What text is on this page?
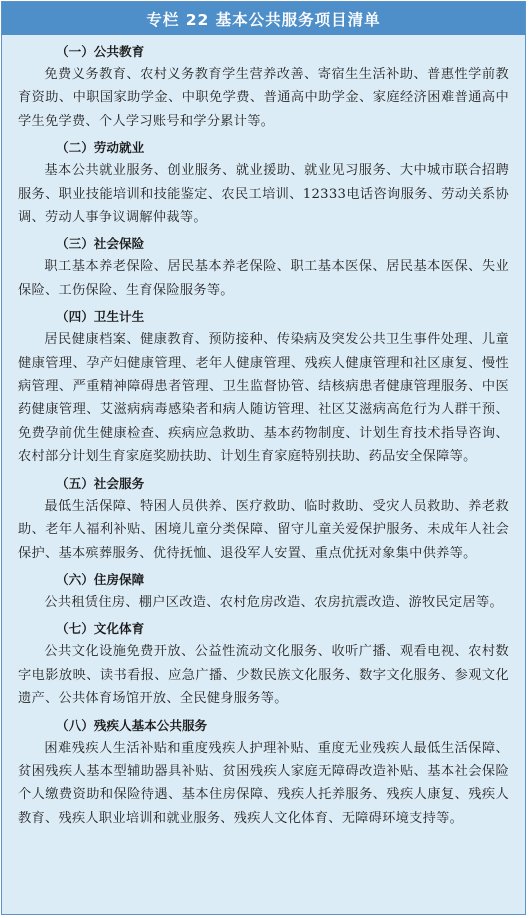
专栏 22 基本公共服务项目清单
（一）公共教育

免费义务教育、农村义务教育学生营养改善、寄宿生生活补助、普惠性学前教育资助、中职国家助学金、中职免学费、普通高中助学金、家庭经济困难普通高中学生免学费、个人学习账号和学分累计等。

（二）劳动就业

基本公共就业服务、创业服务、就业援助、就业见习服务、大中城市联合招聘服务、职业技能培训和技能鉴定、农民工培训、12333电话咨询服务、劳动关系协调、劳动人事争议调解仲裁等。

（三）社会保险

职工基本养老保险、居民基本养老保险、职工基本医保、居民基本医保、失业保险、工伤保险、生育保险服务等。

（四）卫生计生

居民健康档案、健康教育、预防接种、传染病及突发公共卫生事件处理、儿童健康管理、孕产妇健康管理、老年人健康管理、残疾人健康管理和社区康复、慢性病管理、严重精神障碍患者管理、卫生监督协管、结核病患者健康管理服务、中医药健康管理、艾滋病病毒感染者和病人随访管理、社区艾滋病高危行为人群干预、免费孕前优生健康检查、疾病应急救助、基本药物制度、计划生育技术指导咨询、农村部分计划生育家庭奖励扶助、计划生育家庭特别扶助、药品安全保障等。

（五）社会服务

最低生活保障、特困人员供养、医疗救助、临时救助、受灾人员救助、养老救助、老年人福利补贴、困境儿童分类保障、留守儿童关爱保护服务、未成年人社会保护、基本殡葬服务、优待抚恤、退役军人安置、重点优抚对象集中供养等。

（六）住房保障

公共租赁住房、棚户区改造、农村危房改造、农房抗震改造、游牧民定居等。

（七）文化体育

公共文化设施免费开放、公益性流动文化服务、收听广播、观看电视、农村数字电影放映、读书看报、应急广播、少数民族文化服务、数字文化服务、参观文化遗产、公共体育场馆开放、全民健身服务等。

（八）残疾人基本公共服务

困难残疾人生活补贴和重度残疾人护理补贴、重度无业残疾人最低生活保障、贫困残疾人基本型辅助器具补贴、贫困残疾人家庭无障碍改造补贴、基本社会保险个人缴费资助和保险待遇、基本住房保障、残疾人托养服务、残疾人康复、残疾人教育、残疾人职业培训和就业服务、残疾人文化体育、无障碍环境支持等。
